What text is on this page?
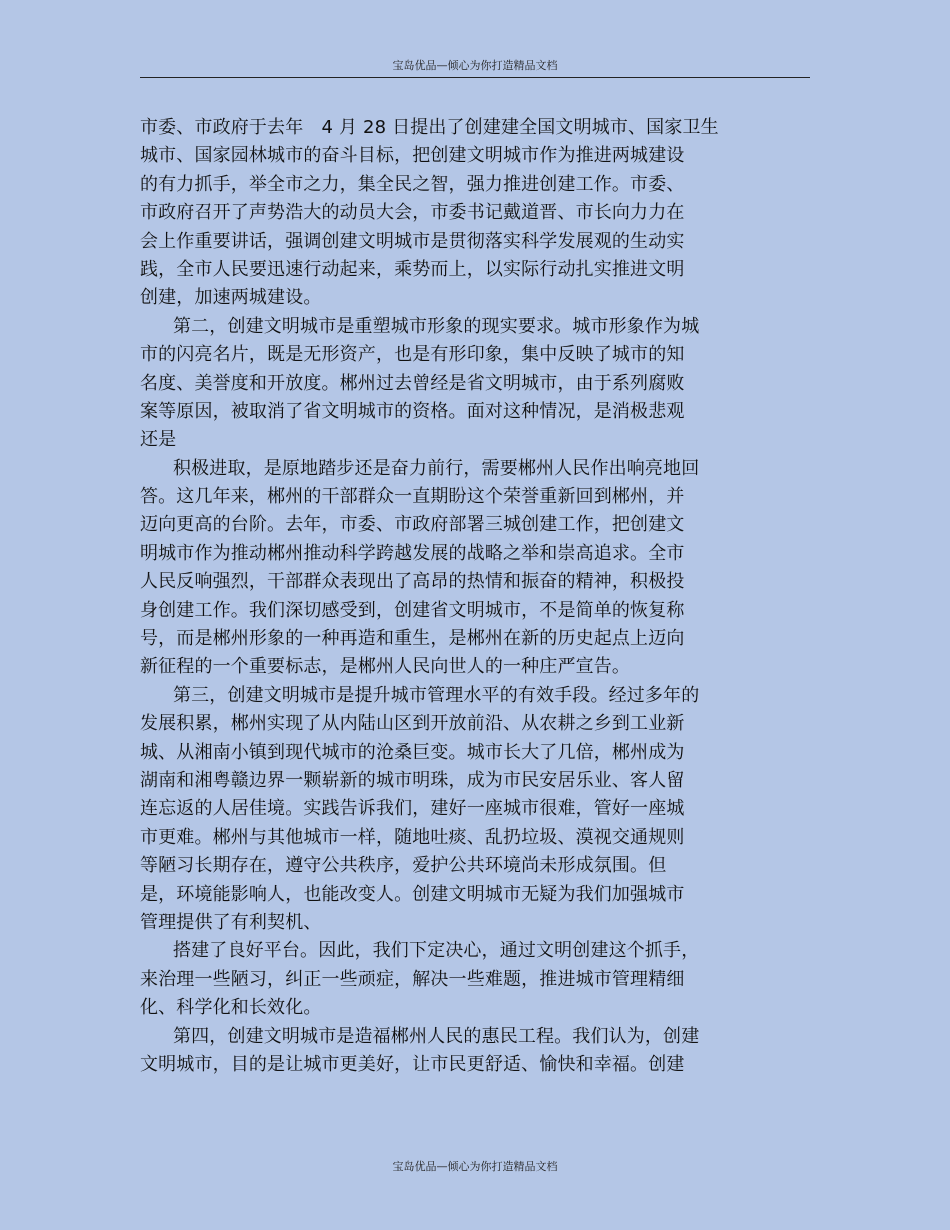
宝岛优品—倾心为你打造精品文档
市委、市政府于去年　4 月 28 日提出了创建建全国文明城市、国家卫生
城市、国家园林城市的奋斗目标，把创建文明城市作为推进两城建设
的有力抓手，举全市之力，集全民之智，强力推进创建工作。市委、
市政府召开了声势浩大的动员大会，市委书记戴道晋、市长向力力在
会上作重要讲话，强调创建文明城市是贯彻落实科学发展观的生动实
践，全市人民要迅速行动起来，乘势而上，以实际行动扎实推进文明
创建，加速两城建设。
第二，创建文明城市是重塑城市形象的现实要求。城市形象作为城
市的闪亮名片，既是无形资产，也是有形印象，集中反映了城市的知
名度、美誉度和开放度。郴州过去曾经是省文明城市，由于系列腐败
案等原因，被取消了省文明城市的资格。面对这种情况，是消极悲观
还是
积极进取，是原地踏步还是奋力前行，需要郴州人民作出响亮地回
答。这几年来，郴州的干部群众一直期盼这个荣誉重新回到郴州，并
迈向更高的台阶。去年，市委、市政府部署三城创建工作，把创建文
明城市作为推动郴州推动科学跨越发展的战略之举和崇高追求。全市
人民反响强烈，干部群众表现出了高昂的热情和振奋的精神，积极投
身创建工作。我们深切感受到，创建省文明城市，不是简单的恢复称
号，而是郴州形象的一种再造和重生，是郴州在新的历史起点上迈向
新征程的一个重要标志，是郴州人民向世人的一种庄严宣告。
第三，创建文明城市是提升城市管理水平的有效手段。经过多年的
发展积累，郴州实现了从内陆山区到开放前沿、从农耕之乡到工业新
城、从湘南小镇到现代城市的沧桑巨变。城市长大了几倍，郴州成为
湖南和湘粤赣边界一颗崭新的城市明珠，成为市民安居乐业、客人留
连忘返的人居佳境。实践告诉我们，建好一座城市很难，管好一座城
市更难。郴州与其他城市一样，随地吐痰、乱扔垃圾、漠视交通规则
等陋习长期存在，遵守公共秩序，爱护公共环境尚未形成氛围。但
是，环境能影响人，也能改变人。创建文明城市无疑为我们加强城市
管理提供了有利契机、
搭建了良好平台。因此，我们下定决心，通过文明创建这个抓手，
来治理一些陋习，纠正一些顽症，解决一些难题，推进城市管理精细
化、科学化和长效化。
第四，创建文明城市是造福郴州人民的惠民工程。我们认为，创建
文明城市，目的是让城市更美好，让市民更舒适、愉快和幸福。创建
宝岛优品—倾心为你打造精品文档
